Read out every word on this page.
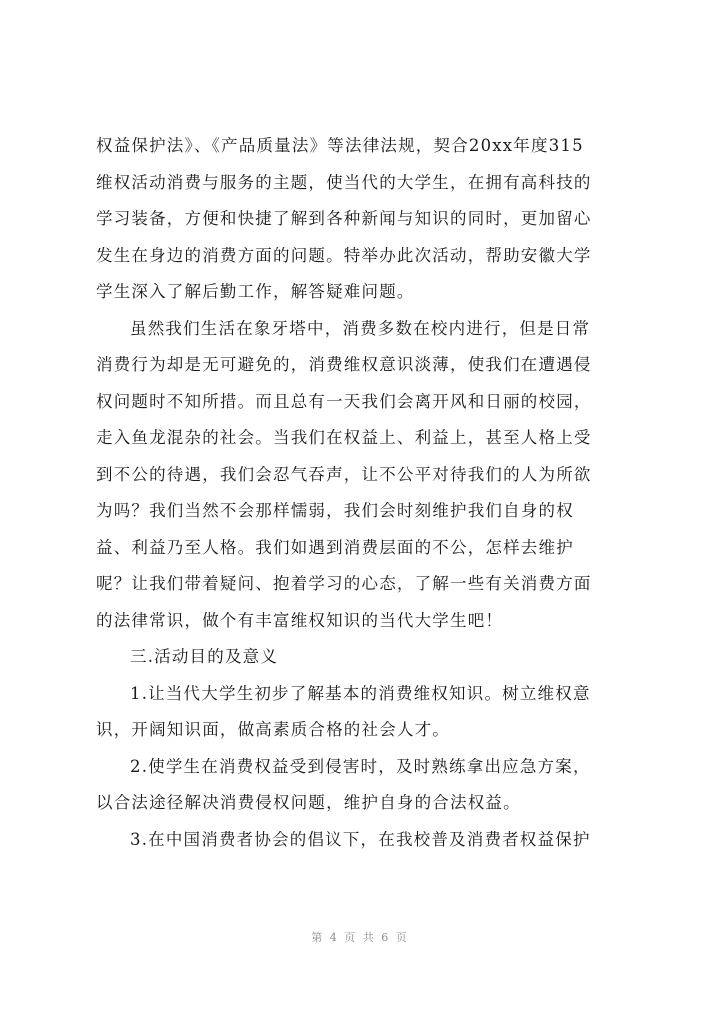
权益保护法》、《产品质量法》等法律法规，契合20xx年度315
维权活动消费与服务的主题，使当代的大学生，在拥有高科技的
学习装备，方便和快捷了解到各种新闻与知识的同时，更加留心
发生在身边的消费方面的问题。特举办此次活动，帮助安徽大学
学生深入了解后勤工作，解答疑难问题。
虽然我们生活在象牙塔中，消费多数在校内进行，但是日常
消费行为却是无可避免的，消费维权意识淡薄，使我们在遭遇侵
权问题时不知所措。而且总有一天我们会离开风和日丽的校园，
走入鱼龙混杂的社会。当我们在权益上、利益上，甚至人格上受
到不公的待遇，我们会忍气吞声，让不公平对待我们的人为所欲
为吗？我们当然不会那样懦弱，我们会时刻维护我们自身的权
益、利益乃至人格。我们如遇到消费层面的不公，怎样去维护
呢？让我们带着疑问、抱着学习的心态，了解一些有关消费方面
的法律常识，做个有丰富维权知识的当代大学生吧！
三.活动目的及意义
1.让当代大学生初步了解基本的消费维权知识。树立维权意
识，开阔知识面，做高素质合格的社会人才。
2.使学生在消费权益受到侵害时，及时熟练拿出应急方案，
以合法途径解决消费侵权问题，维护自身的合法权益。
3.在中国消费者协会的倡议下，在我校普及消费者权益保护
第 4 页 共 6 页
